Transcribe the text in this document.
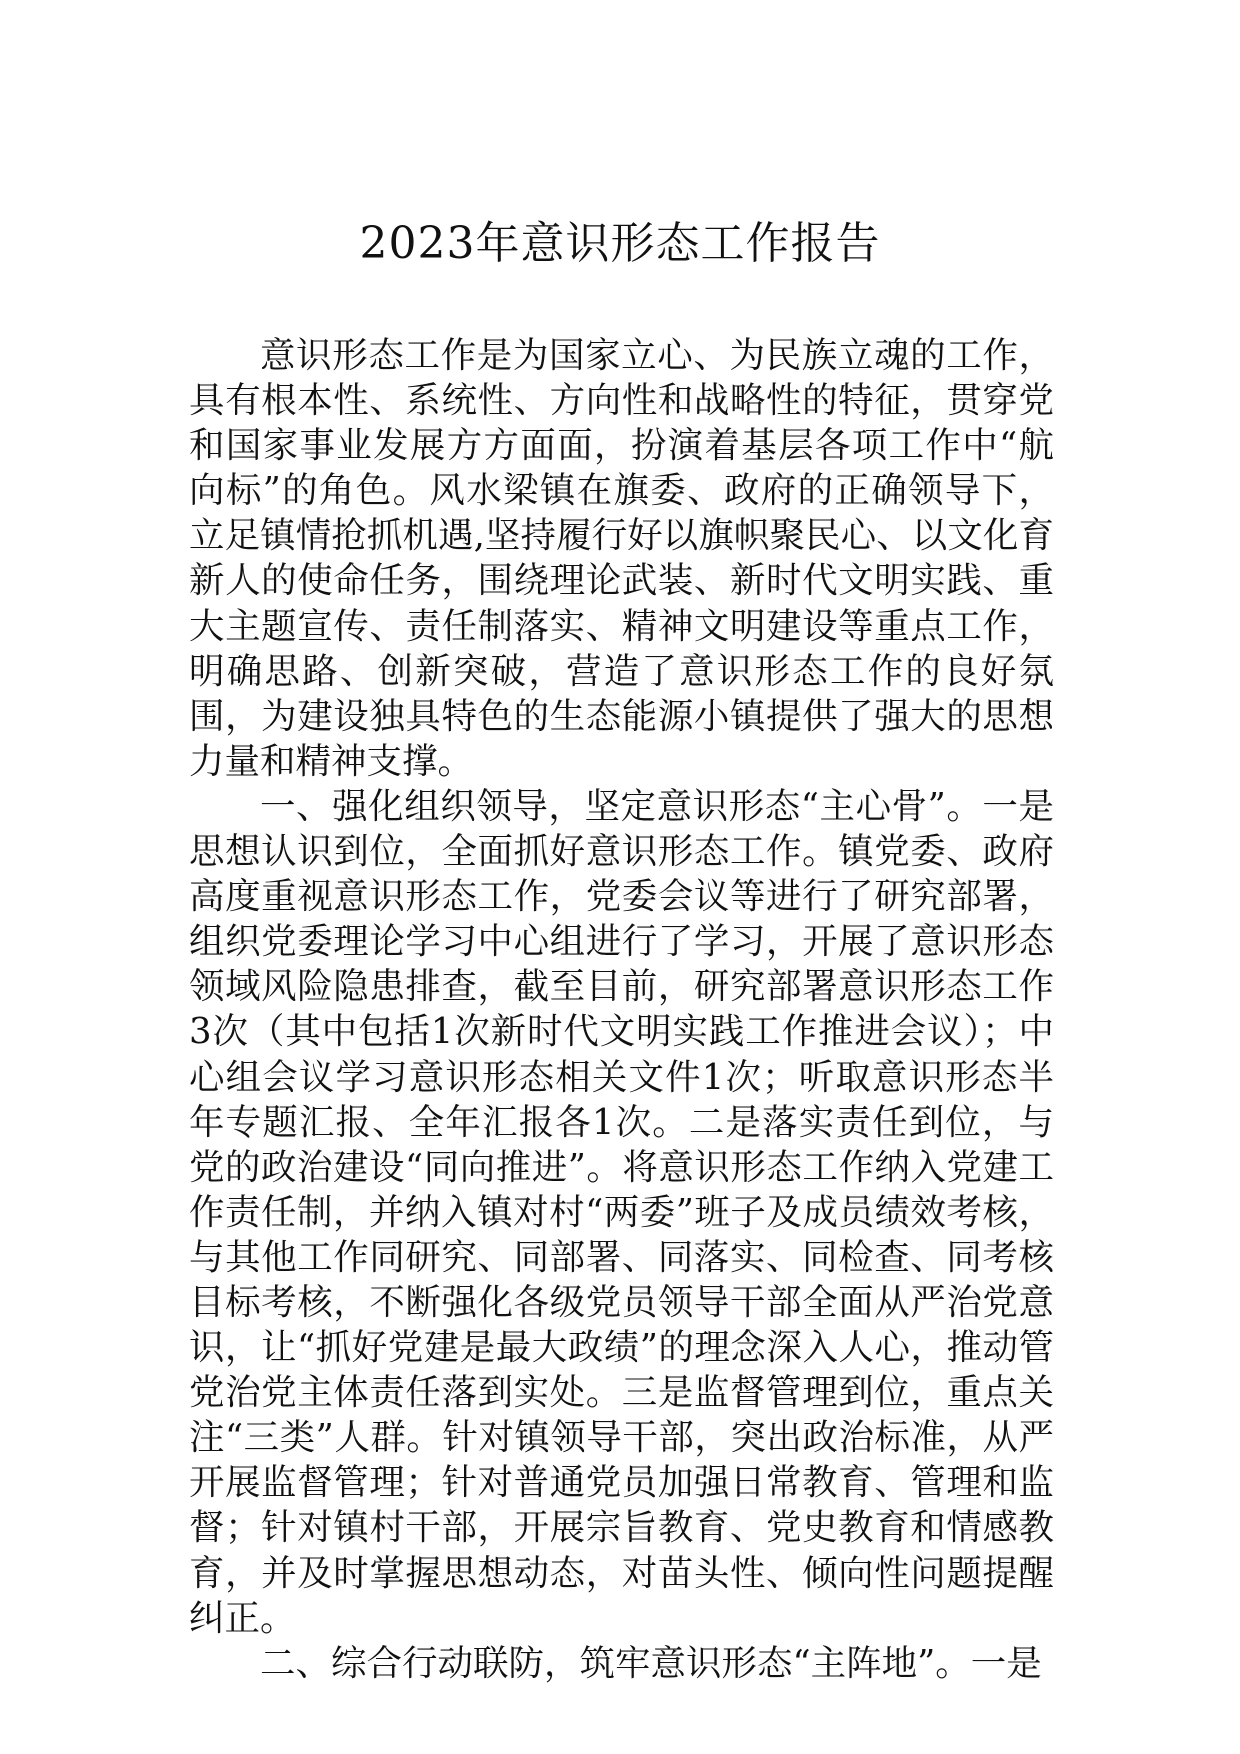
2023年意识形态工作报告

意识形态工作是为国家立心、为民族立魂的工作，具有根本性、系统性、方向性和战略性的特征，贯穿党和国家事业发展方方面面，扮演着基层各项工作中“航向标”的角色。风水梁镇在旗委、政府的正确领导下，立足镇情抢抓机遇,坚持履行好以旗帜聚民心、以文化育新人的使命任务，围绕理论武装、新时代文明实践、重大主题宣传、责任制落实、精神文明建设等重点工作，明确思路、创新突破，营造了意识形态工作的良好氛围，为建设独具特色的生态能源小镇提供了强大的思想力量和精神支撑。

一、强化组织领导，坚定意识形态“主心骨”。一是思想认识到位，全面抓好意识形态工作。镇党委、政府高度重视意识形态工作，党委会议等进行了研究部署，组织党委理论学习中心组进行了学习，开展了意识形态领域风险隐患排查，截至目前，研究部署意识形态工作3次（其中包括1次新时代文明实践工作推进会议）；中心组会议学习意识形态相关文件1次；听取意识形态半年专题汇报、全年汇报各1次。二是落实责任到位，与党的政治建设“同向推进”。将意识形态工作纳入党建工作责任制，并纳入镇对村“两委”班子及成员绩效考核，与其他工作同研究、同部署、同落实、同检查、同考核目标考核，不断强化各级党员领导干部全面从严治党意识，让“抓好党建是最大政绩”的理念深入人心，推动管党治党主体责任落到实处。三是监督管理到位，重点关注“三类”人群。针对镇领导干部，突出政治标准，从严开展监督管理；针对普通党员加强日常教育、管理和监督；针对镇村干部，开展宗旨教育、党史教育和情感教育，并及时掌握思想动态，对苗头性、倾向性问题提醒纠正。

二、综合行动联防，筑牢意识形态“主阵地”。一是
